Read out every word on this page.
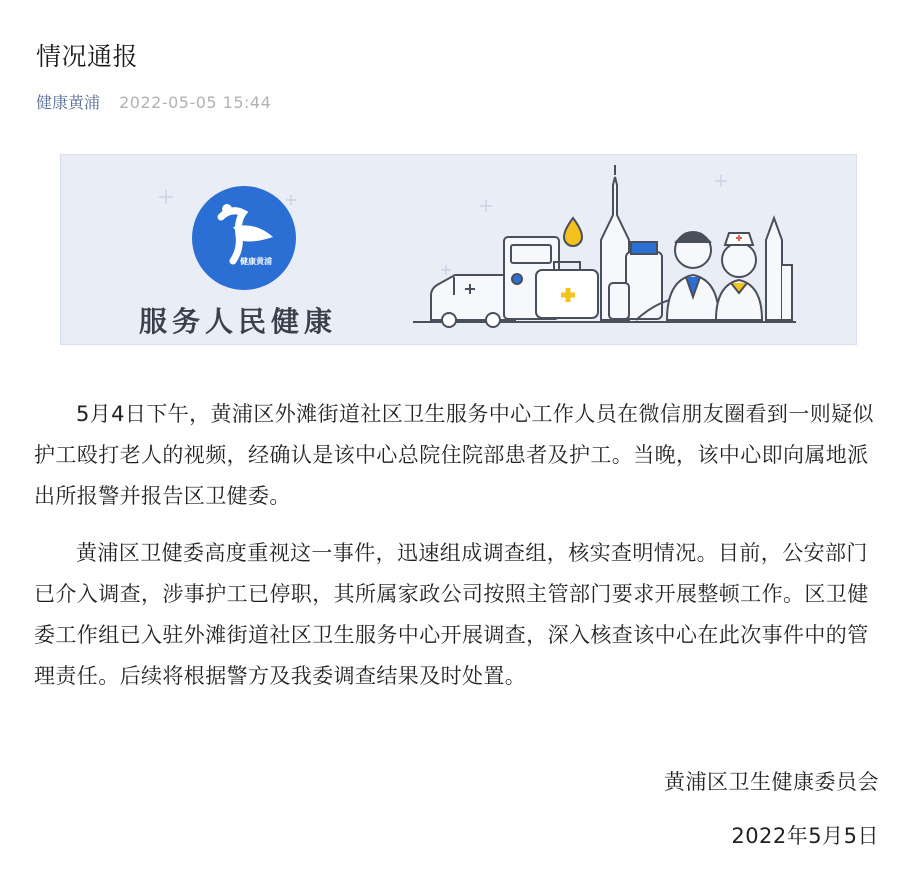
情况通报
健康黄浦 2022-05-05 15:44
服务人民健康
健康黄浦
5月4日下午，黄浦区外滩街道社区卫生服务中心工作人员在微信朋友圈看到一则疑似护工殴打老人的视频，经确认是该中心总院住院部患者及护工。当晚，该中心即向属地派出所报警并报告区卫健委。
黄浦区卫健委高度重视这一事件，迅速组成调查组，核实查明情况。目前，公安部门已介入调查，涉事护工已停职，其所属家政公司按照主管部门要求开展整顿工作。区卫健委工作组已入驻外滩街道社区卫生服务中心开展调查，深入核查该中心在此次事件中的管理责任。后续将根据警方及我委调查结果及时处置。
黄浦区卫生健康委员会
2022年5月5日
